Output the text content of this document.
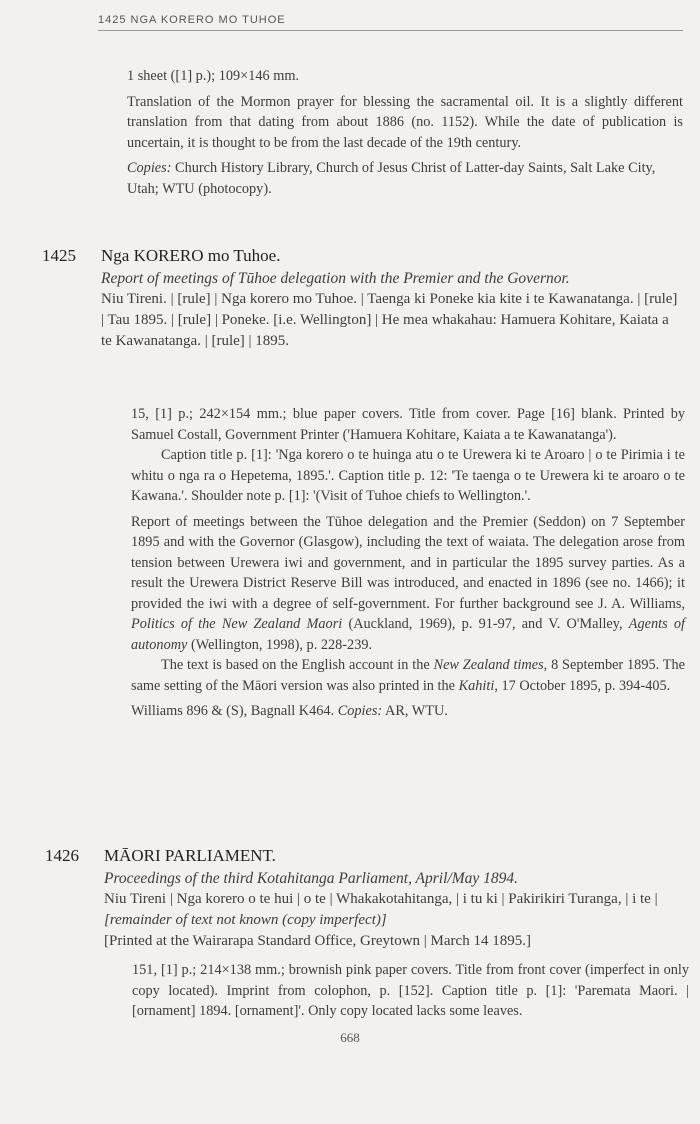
1425 NGA KORERO MO TUHOE

1 sheet ([1] p.); 109×146 mm.

Translation of the Mormon prayer for blessing the sacramental oil. It is a slightly different translation from that dating from about 1886 (no. 1152). While the date of publication is uncertain, it is thought to be from the last decade of the 19th century.

Copies: Church History Library, Church of Jesus Christ of Latter-day Saints, Salt Lake City, Utah; WTU (photocopy).

1425 Nga KORERO mo Tuhoe.

Report of meetings of Tūhoe delegation with the Premier and the Governor.

Niu Tireni. | [rule] | Nga korero mo Tuhoe. | Taenga ki Poneke kia kite i te Kawanatanga. | [rule] | Tau 1895. | [rule] | Poneke. [i.e. Wellington] | He mea whakahau: Hamuera Kohitare, Kaiata a te Kawanatanga. | [rule] | 1895.

15, [1] p.; 242×154 mm.; blue paper covers. Title from cover. Page [16] blank. Printed by Samuel Costall, Government Printer ('Hamuera Kohitare, Kaiata a te Kawanatanga').

Caption title p. [1]: 'Nga korero o te huinga atu o te Urewera ki te Aroaro | o te Pirimia i te whitu o nga ra o Hepetema, 1895.'. Caption title p. 12: 'Te taenga o te Urewera ki te aroaro o te Kawana.'. Shoulder note p. [1]: '(Visit of Tuhoe chiefs to Wellington.'.

Report of meetings between the Tūhoe delegation and the Premier (Seddon) on 7 September 1895 and with the Governor (Glasgow), including the text of waiata. The delegation arose from tension between Urewera iwi and government, and in particular the 1895 survey parties. As a result the Urewera District Reserve Bill was introduced, and enacted in 1896 (see no. 1466); it provided the iwi with a degree of self-government. For further background see J. A. Williams, Politics of the New Zealand Maori (Auckland, 1969), p. 91-97, and V. O'Malley, Agents of autonomy (Wellington, 1998), p. 228-239.

The text is based on the English account in the New Zealand times, 8 September 1895. The same setting of the Māori version was also printed in the Kahiti, 17 October 1895, p. 394-405.

Williams 896 & (S), Bagnall K464. Copies: AR, WTU.

1426 MĀORI PARLIAMENT.

Proceedings of the third Kotahitanga Parliament, April/May 1894.

Niu Tireni | Nga korero o te hui | o te | Whakakotahitanga, | i tu ki | Pakirikiri Turanga, | i te | [remainder of text not known (copy imperfect)]

[Printed at the Wairarapa Standard Office, Greytown | March 14 1895.]

151, [1] p.; 214×138 mm.; brownish pink paper covers. Title from front cover (imperfect in only copy located). Imprint from colophon, p. [152]. Caption title p. [1]: 'Paremata Maori. | [ornament] 1894. [ornament]'. Only copy located lacks some leaves.

668
